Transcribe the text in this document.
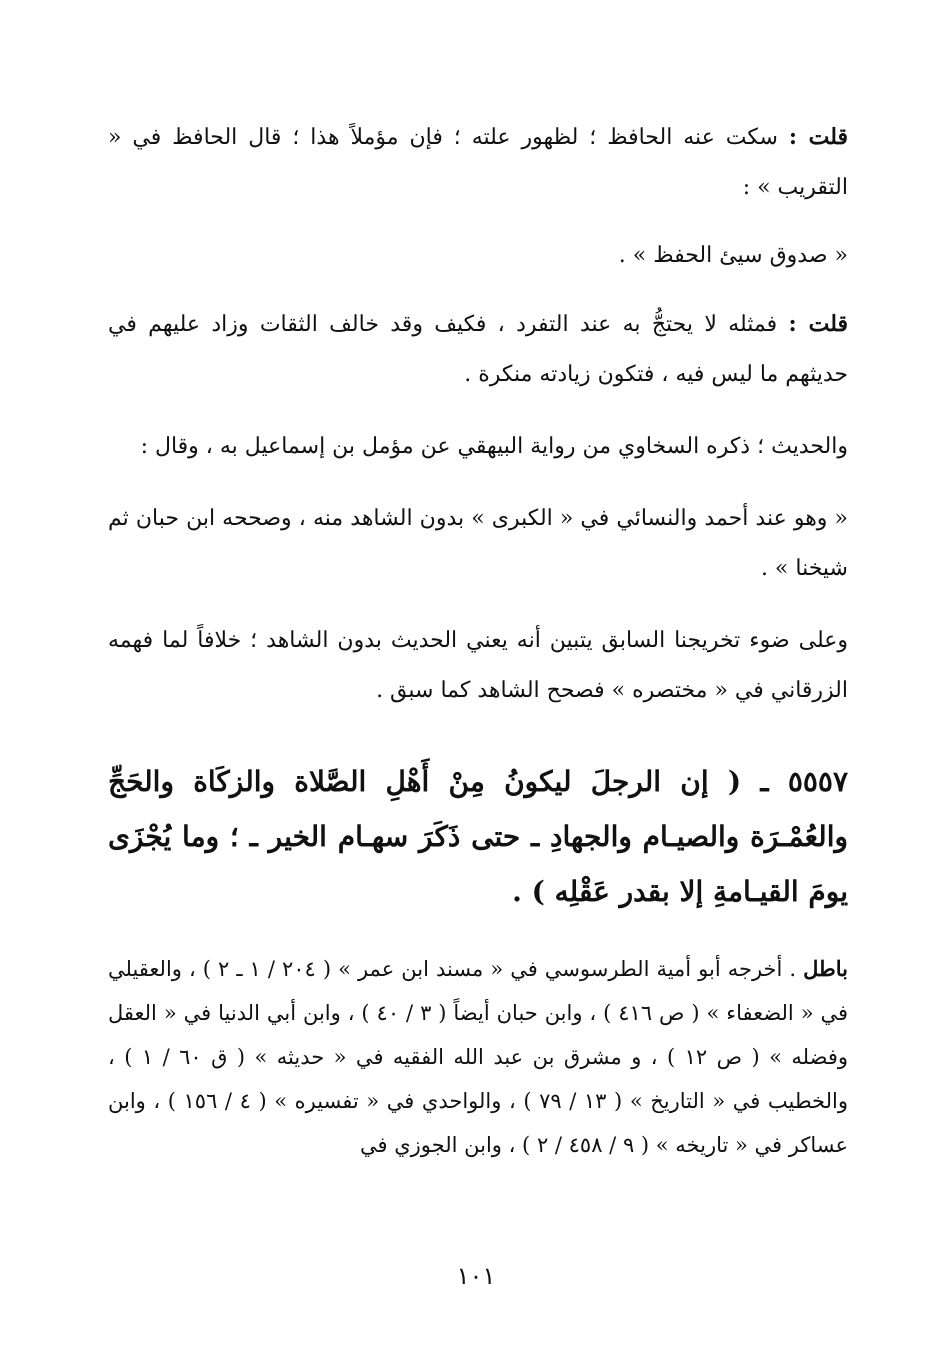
قلت : سكت عنه الحافظ ؛ لظهور علته ؛ فإن مؤملاً هذا ؛ قال الحافظ في « التقريب » :

« صدوق سيئ الحفظ » .

قلت : فمثله لا يحتجُّ به عند التفرد ، فكيف وقد خالف الثقات وزاد عليهم في حديثهم ما ليس فيه ، فتكون زيادته منكرة .

والحديث ؛ ذكره السخاوي من رواية البيهقي عن مؤمل بن إسماعيل به ، وقال :

« وهو عند أحمد والنسائي في « الكبرى » بدون الشاهد منه ، وصححه ابن حبان ثم شيخنا » .

وعلى ضوء تخريجنا السابق يتبين أنه يعني الحديث بدون الشاهد ؛ خلافاً لما فهمه الزرقاني في « مختصره » فصحح الشاهد كما سبق .

٥٥٥٧ ـ ( إن الرجلَ ليكونُ مِنْ أَهْلِ الصَّلاة والزكَاة والحَجِّ والعُمْـرَة والصيـام والجهادِ ـ حتى ذَكَرَ سهـام الخير ـ ؛ وما يُجْزَى يومَ القيـامةِ إلا بقدر عَقْلِه ) .

باطل . أخرجه أبو أمية الطرسوسي في « مسند ابن عمر » ( ٢٠٤ / ١ ـ ٢ ) ، والعقيلي في « الضعفاء » ( ص ٤١٦ ) ، وابن حبان أيضاً ( ٣ / ٤٠ ) ، وابن أبي الدنيا في « العقل وفضله » ( ص ١٢ ) ، و مشرق بن عبد الله الفقيه في « حديثه » ( ق ٦٠ / ١ ) ، والخطيب في « التاريخ » ( ١٣ / ٧٩ ) ، والواحدي في « تفسيره » ( ٤ / ١٥٦ ) ، وابن عساكر في « تاريخه » ( ٩ / ٤٥٨ / ٢ ) ، وابن الجوزي في

١٠١
